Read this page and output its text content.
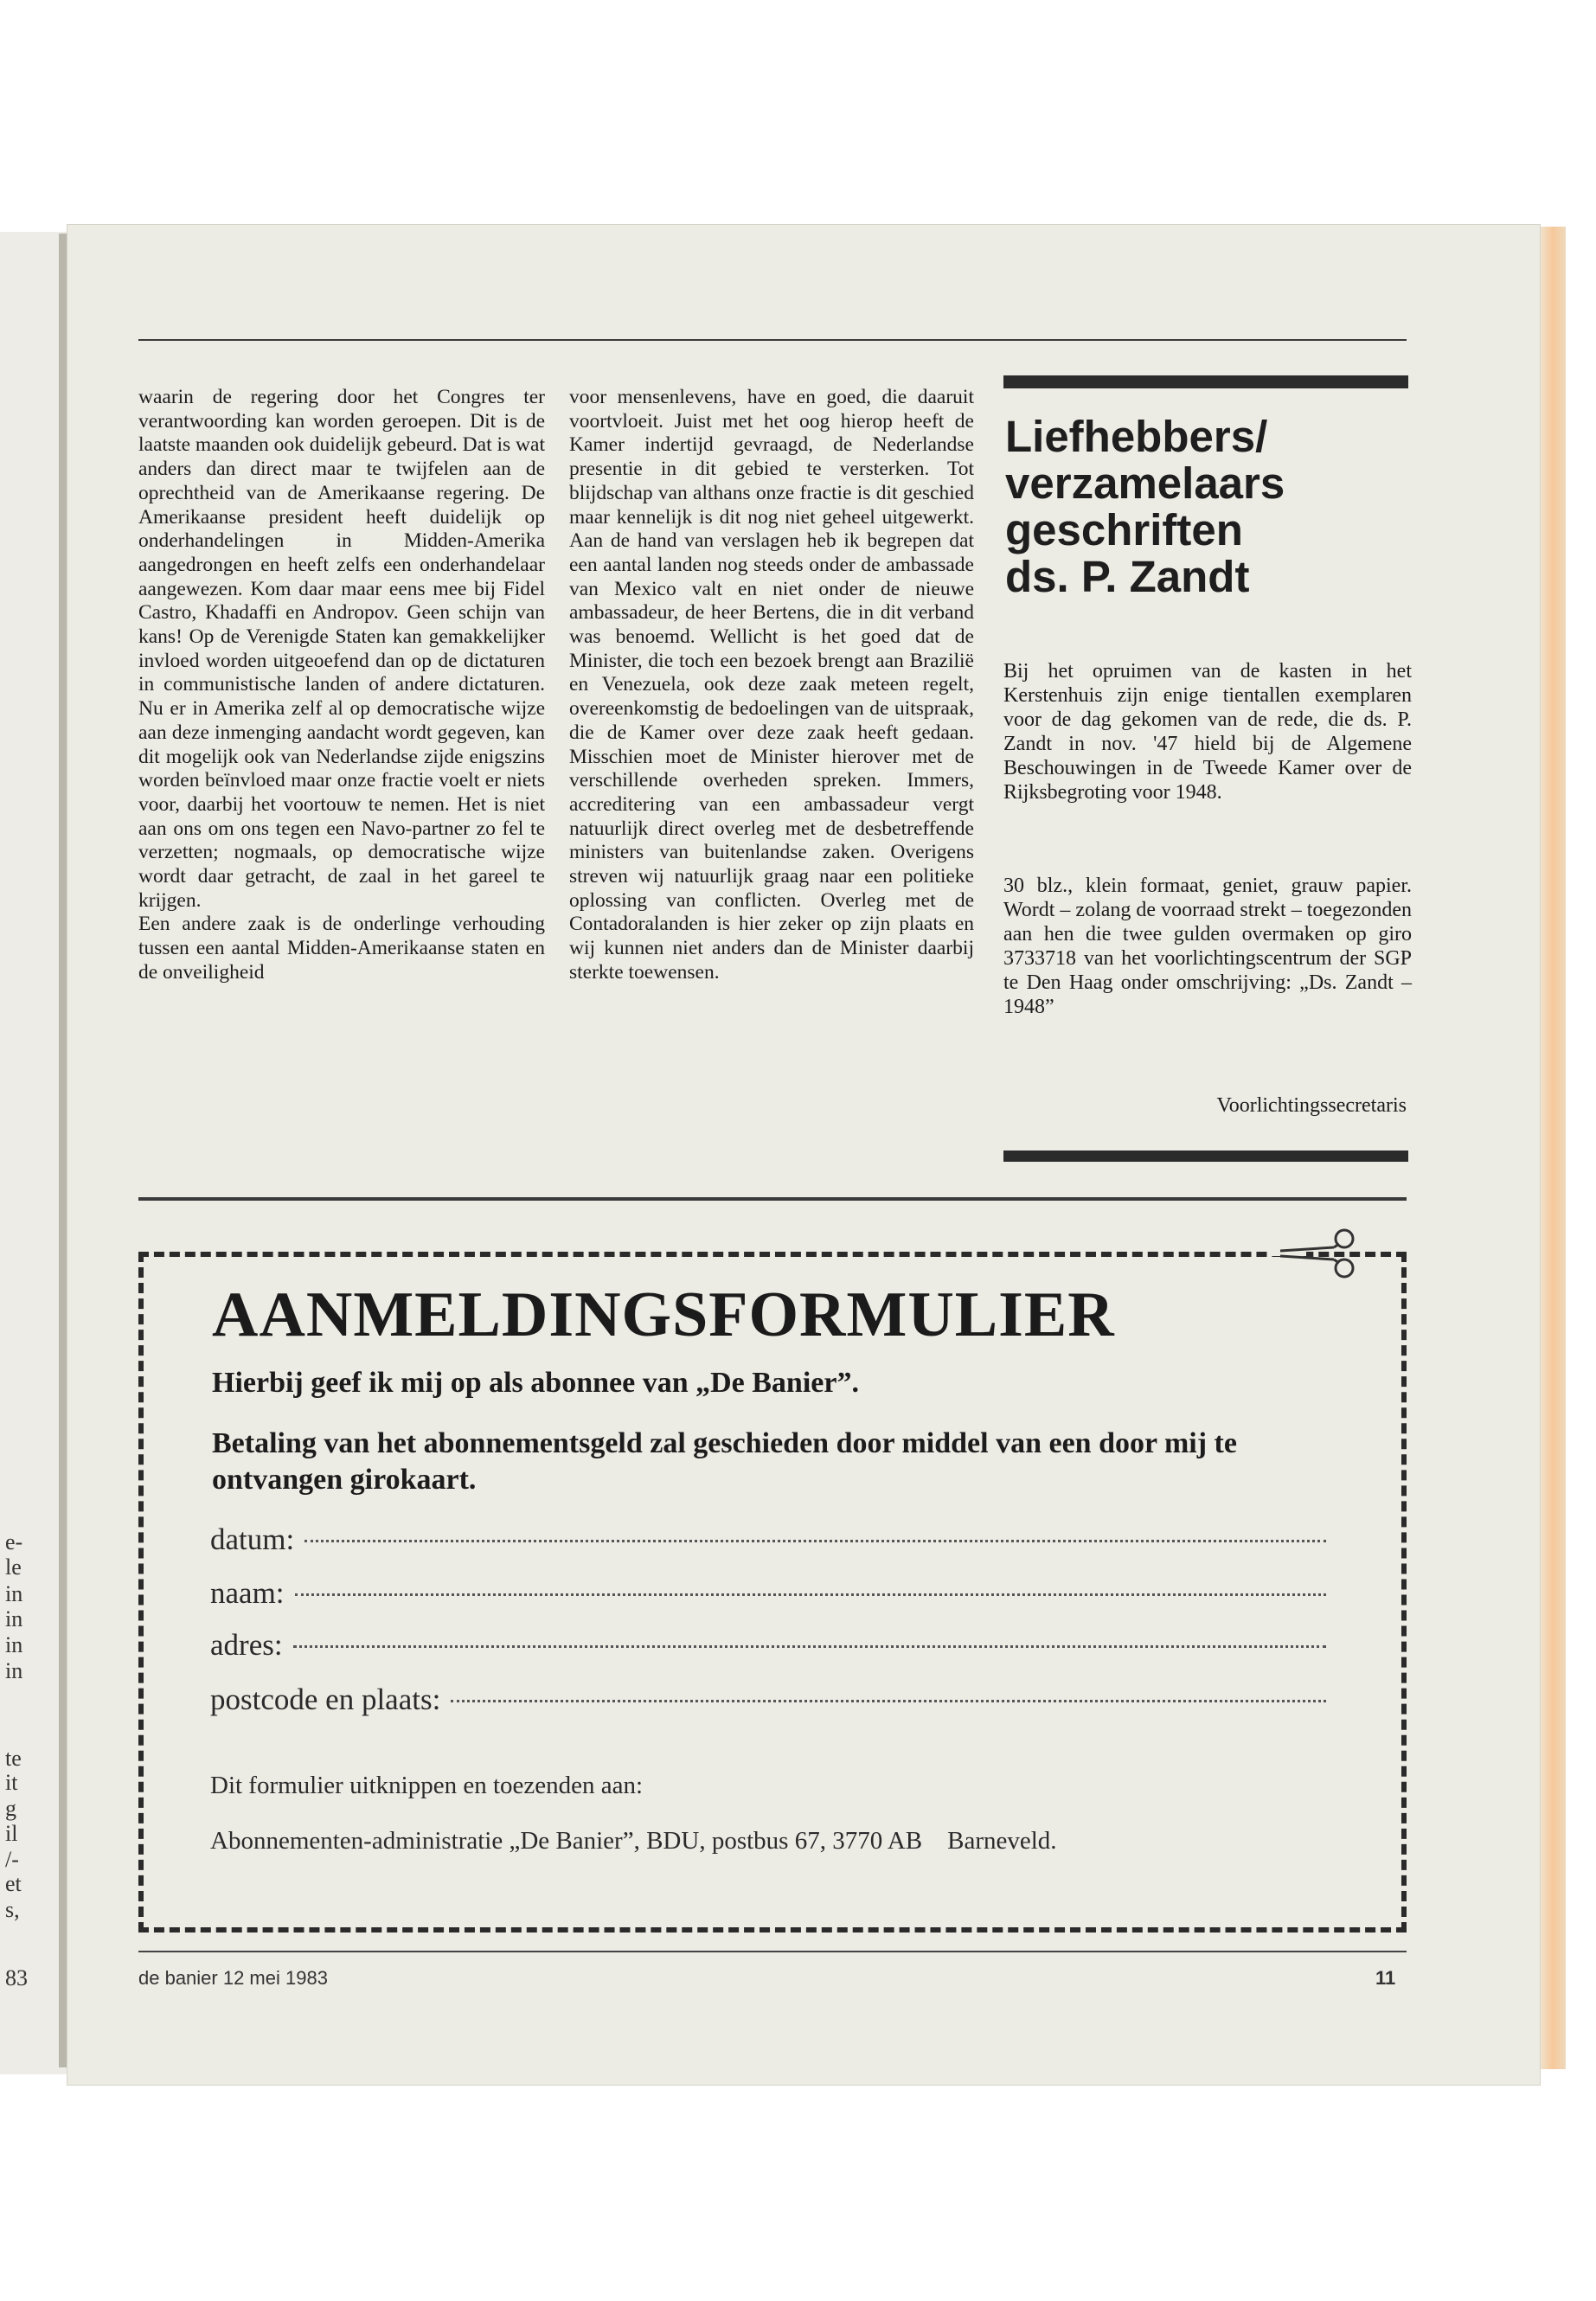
e-
le
in
in
in
in
te
it
g
il
/-
et
s,
83

waarin de regering door het Congres ter verantwoording kan worden geroepen. Dit is de laatste maanden ook duidelijk gebeurd. Dat is wat anders dan direct maar te twijfelen aan de oprechtheid van de Amerikaanse regering. De Amerikaanse president heeft duidelijk op onderhandelingen in Midden-Amerika aangedrongen en heeft zelfs een onderhandelaar aangewezen. Kom daar maar eens mee bij Fidel Castro, Khadaffi en Andropov. Geen schijn van kans! Op de Verenigde Staten kan gemakkelijker invloed worden uitgeoefend dan op de dictaturen in communistische landen of andere dictaturen. Nu er in Amerika zelf al op democratische wijze aan deze inmenging aandacht wordt gegeven, kan dit mogelijk ook van Nederlandse zijde enigszins worden beïnvloed maar onze fractie voelt er niets voor, daarbij het voortouw te nemen. Het is niet aan ons om ons tegen een Navo-partner zo fel te verzetten; nogmaals, op democratische wijze wordt daar getracht, de zaal in het gareel te krijgen.

Een andere zaak is de onderlinge verhouding tussen een aantal Midden-Amerikaanse staten en de onveiligheid

voor mensenlevens, have en goed, die daaruit voortvloeit. Juist met het oog hierop heeft de Kamer indertijd gevraagd, de Nederlandse presentie in dit gebied te versterken. Tot blijdschap van althans onze fractie is dit geschied maar kennelijk is dit nog niet geheel uitgewerkt. Aan de hand van verslagen heb ik begrepen dat een aantal landen nog steeds onder de ambassade van Mexico valt en niet onder de nieuwe ambassadeur, de heer Bertens, die in dit verband was benoemd. Wellicht is het goed dat de Minister, die toch een bezoek brengt aan Brazilië en Venezuela, ook deze zaak meteen regelt, overeenkomstig de bedoelingen van de uitspraak, die de Kamer over deze zaak heeft gedaan. Misschien moet de Minister hierover met de verschillende overheden spreken. Immers, accreditering van een ambassadeur vergt natuurlijk direct overleg met de desbetreffende ministers van buitenlandse zaken. Overigens streven wij natuurlijk graag naar een politieke oplossing van conflicten. Overleg met de Contadoralanden is hier zeker op zijn plaats en wij kunnen niet anders dan de Minister daarbij sterkte toewensen.

Liefhebbers/
verzamelaars
geschriften
ds. P. Zandt

Bij het opruimen van de kasten in het Kerstenhuis zijn enige tientallen exemplaren voor de dag gekomen van de rede, die ds. P. Zandt in nov. '47 hield bij de Algemene Beschouwingen in de Tweede Kamer over de Rijksbegroting voor 1948.

30 blz., klein formaat, geniet, grauw papier. Wordt – zolang de voorraad strekt – toegezonden aan hen die twee gulden overmaken op giro 3733718 van het voorlichtingscentrum der SGP te Den Haag onder omschrijving: „Ds. Zandt – 1948”

Voorlichtingssecretaris
AANMELDINGSFORMULIER

Hierbij geef ik mij op als abonnee van „De Banier”.

Betaling van het abonnementsgeld zal geschieden door middel van een door mij te ontvangen girokaart.

datum:
naam:
adres:
postcode en plaats:

Dit formulier uitknippen en toezenden aan:

Abonnementen-administratie „De Banier”, BDU, postbus 67, 3770 AB    Barneveld.

de banier 12 mei 1983	11
